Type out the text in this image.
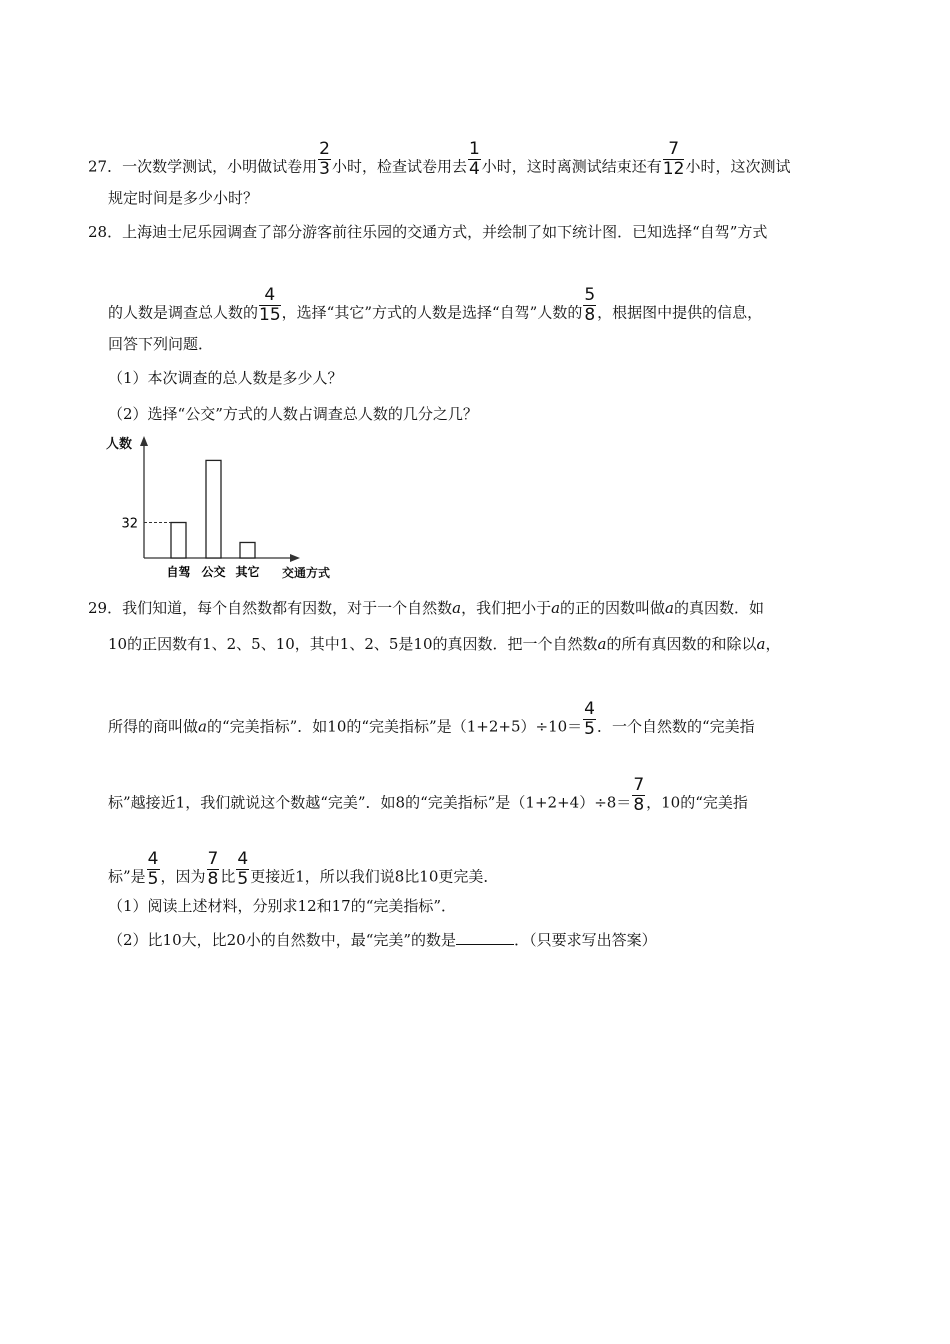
27．一次数学测试，小明做试卷用 $\frac{2}{3}$ 小时，检查试卷用去 $\frac{1}{4}$ 小时，这时离测试结束还有 $\frac{7}{12}$ 小时，这次测试
规定时间是多少小时？
28．上海迪士尼乐园调查了部分游客前往乐园的交通方式，并绘制了如下统计图．已知选择“自驾”方式
的人数是调查总人数的 $\frac{4}{15}$ ，选择“其它”方式的人数是选择“自驾”人数的 $\frac{5}{8}$ ，根据图中提供的信息，
回答下列问题．
（1）本次调查的总人数是多少人？
（2）选择“公交”方式的人数占调查总人数的几分之几？
人数
交通方式
自驾 公交 其它
32
29．我们知道，每个自然数都有因数，对于一个自然数a，我们把小于a的正的因数叫做a的真因数．如
10的正因数有1、2、5、10，其中1、2、5是10的真因数．把一个自然数a的所有真因数的和除以a，
所得的商叫做a的“完美指标”．如10的“完美指标”是$(1+2+5)\div 10= \frac{4}{5}$ ．一个自然数的“完美指
标”越接近1，我们就说这个数越“完美”．如8的“完美指标”是$(1+2+4)\div 8= \frac{7}{8}$ ，10的“完美指
标”是 $\frac{4}{5}$ ，因为 $\frac{7}{8}$ 比 $\frac{4}{5}$ 更接近1，所以我们说8比10更完美．
（1）阅读上述材料，分别求12和17的“完美指标”．
（2）比10大，比20小的自然数中，最“完美”的数是	．（只要求写出答案）
